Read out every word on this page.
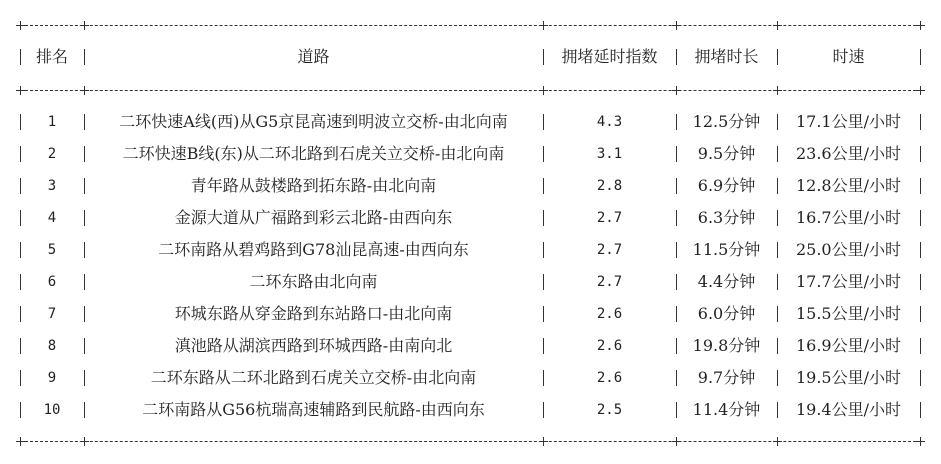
排名	道路	拥堵延时指数	拥堵时长	时速
1	二环快速A线(西)从G5京昆高速到明波立交桥-由北向南	4.3	12.5分钟	17.1公里/小时
2	二环快速B线(东)从二环北路到石虎关立交桥-由北向南	3.1	9.5分钟	23.6公里/小时
3	青年路从鼓楼路到拓东路-由北向南	2.8	6.9分钟	12.8公里/小时
4	金源大道从广福路到彩云北路-由西向东	2.7	6.3分钟	16.7公里/小时
5	二环南路从碧鸡路到G78汕昆高速-由西向东	2.7	11.5分钟	25.0公里/小时
6	二环东路由北向南	2.7	4.4分钟	17.7公里/小时
7	环城东路从穿金路到东站路口-由北向南	2.6	6.0分钟	15.5公里/小时
8	滇池路从湖滨西路到环城西路-由南向北	2.6	19.8分钟	16.9公里/小时
9	二环东路从二环北路到石虎关立交桥-由北向南	2.6	9.7分钟	19.5公里/小时
10	二环南路从G56杭瑞高速辅路到民航路-由西向东	2.5	11.4分钟	19.4公里/小时
